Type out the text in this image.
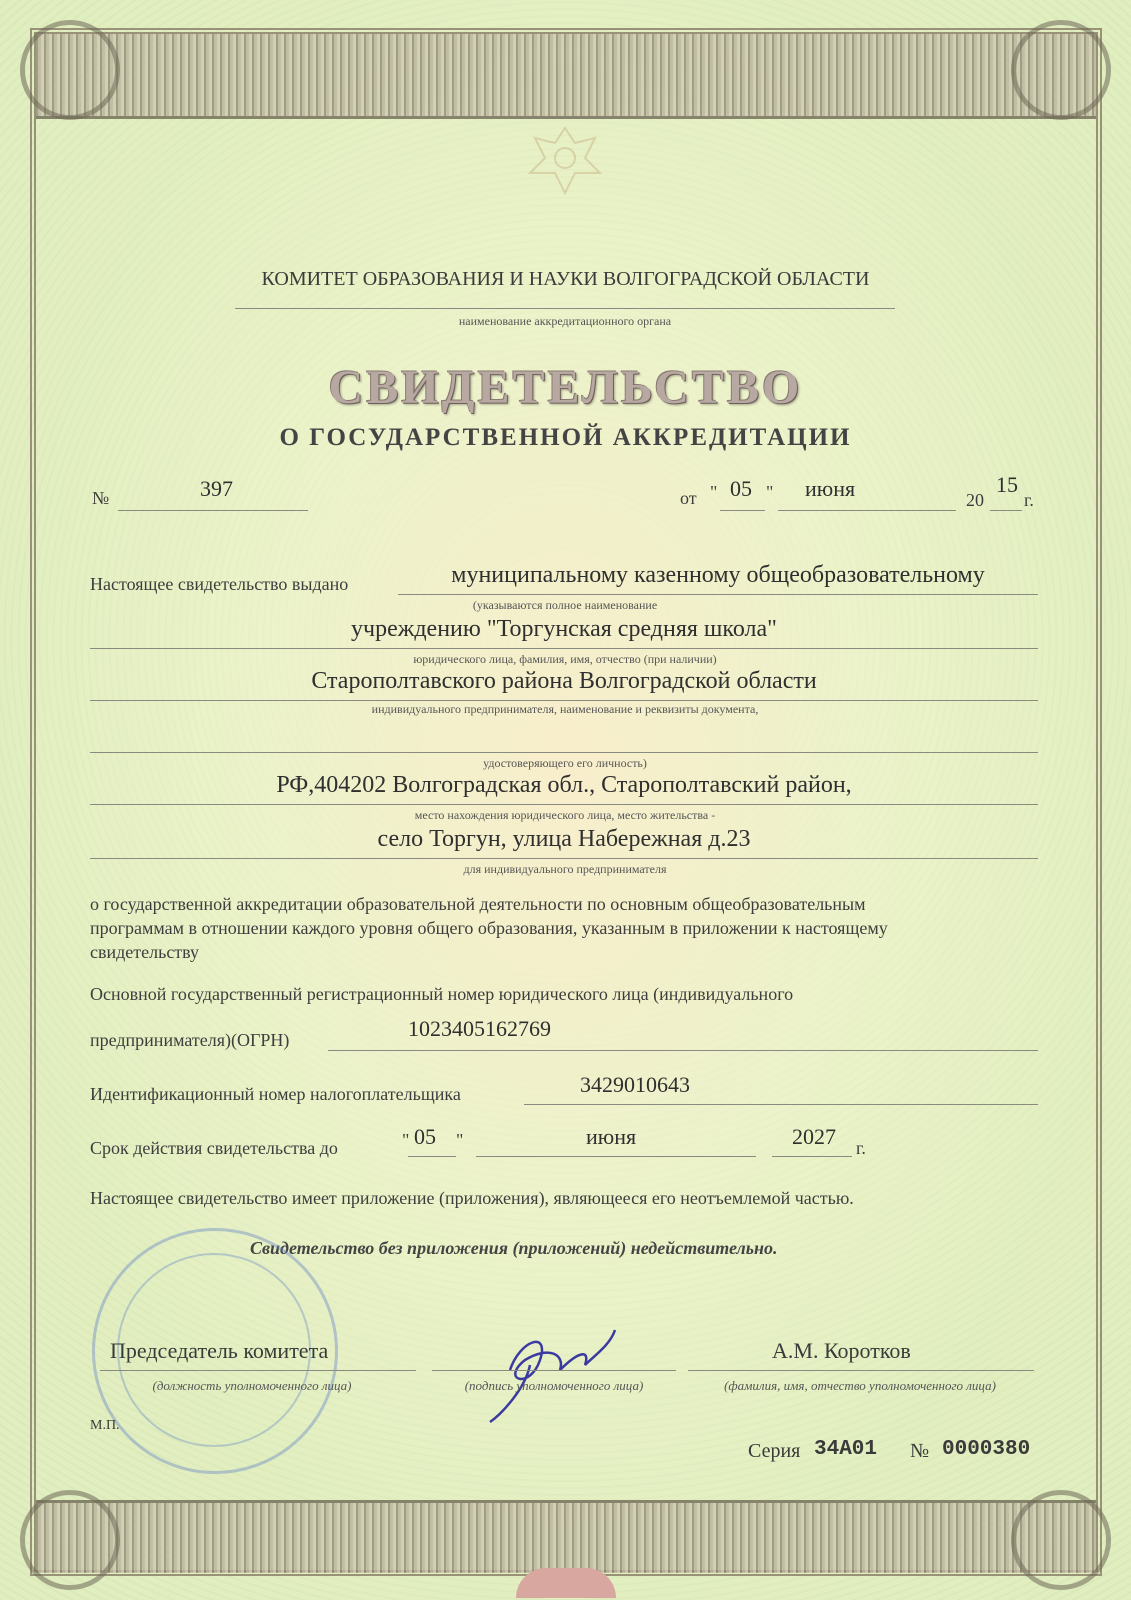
КОМИТЕТ ОБРАЗОВАНИЯ И НАУКИ ВОЛГОГРАДСКОЙ ОБЛАСТИ
наименование аккредитационного органа
СВИДЕТЕЛЬСТВО
О ГОСУДАРСТВЕННОЙ АККРЕДИТАЦИИ
№	397	от " 05 " июня	20
15
г.
Настоящее свидетельство выдано	муниципальному казенному общеобразовательному
(указываются полное наименование
учреждению "Торгунская средняя школа"
юридического лица, фамилия, имя, отчество (при наличии)
Старополтавского района Волгоградской области
индивидуального предпринимателя, наименование и реквизиты документа,
удостоверяющего его личность)
РФ,404202 Волгоградская обл., Старополтавский район,
место нахождения юридического лица, место жительства -
село Торгун, улица Набережная д.23
для индивидуального предпринимателя
о государственной аккредитации образовательной деятельности по основным общеобразовательным
программам в отношении каждого уровня общего образования, указанным в приложении к настоящему
свидетельству
Основной государственный регистрационный номер юридического лица (индивидуального
предпринимателя)(ОГРН)	1023405162769
Идентификационный номер налогоплательщика	3429010643
Срок действия свидетельства до	" 05 "	июня	2027 г.
Настоящее свидетельство имеет приложение (приложения), являющееся его неотъемлемой частью.
Свидетельство без приложения (приложений) недействительно.
Председатель комитета
(должность уполномоченного лица)	(подпись уполномоченного лица)
А.М. Коротков
(фамилия, имя, отчество уполномоченного лица)
М.П.
Серия 34А01 № 0000380
